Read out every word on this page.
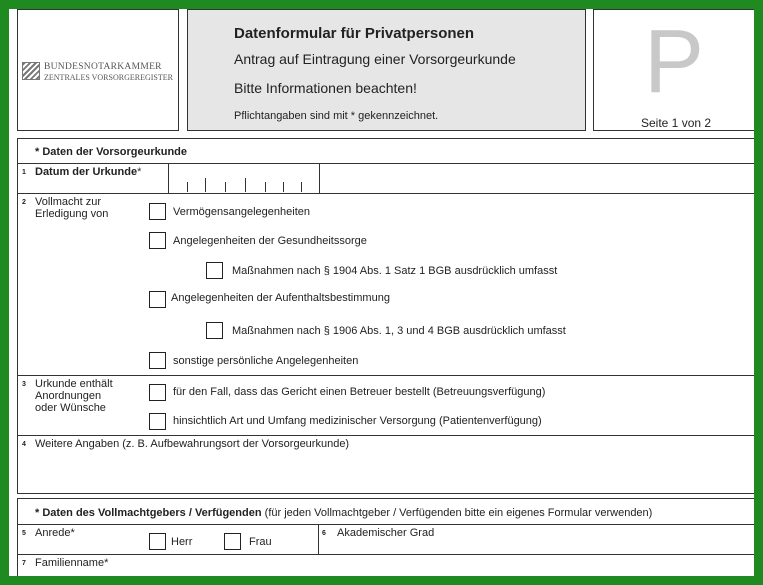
BUNDESNOTARKAMMER
ZENTRALES VORSORGEREGISTER
Datenformular für Privatpersonen
Antrag auf Eintragung einer Vorsorgeurkunde
Bitte Informationen beachten!
Pflichtangaben sind mit * gekennzeichnet.
P
Seite 1 von 2
* Daten der Vorsorgeurkunde
1 Datum der Urkunde*
2 Vollmacht zur
Erledigung von	Vermögensangelegenheiten
Angelegenheiten der Gesundheitssorge
Maßnahmen nach § 1904 Abs. 1 Satz 1 BGB ausdrücklich umfasst
Angelegenheiten der Aufenthaltsbestimmung
Maßnahmen nach § 1906 Abs. 1, 3 und 4 BGB ausdrücklich umfasst
sonstige persönliche Angelegenheiten
3 Urkunde enthält
Anordnungen
oder Wünsche
für den Fall, dass das Gericht einen Betreuer bestellt (Betreuungsverfügung)
hinsichtlich Art und Umfang medizinischer Versorgung (Patientenverfügung)
4 Weitere Angaben (z. B. Aufbewahrungsort der Vorsorgeurkunde)
* Daten des Vollmachtgebers / Verfügenden (für jeden Vollmachtgeber / Verfügenden bitte ein eigenes Formular verwenden)
5 Anrede*
Herr	Frau
6 Akademischer Grad
7 Familienname*
